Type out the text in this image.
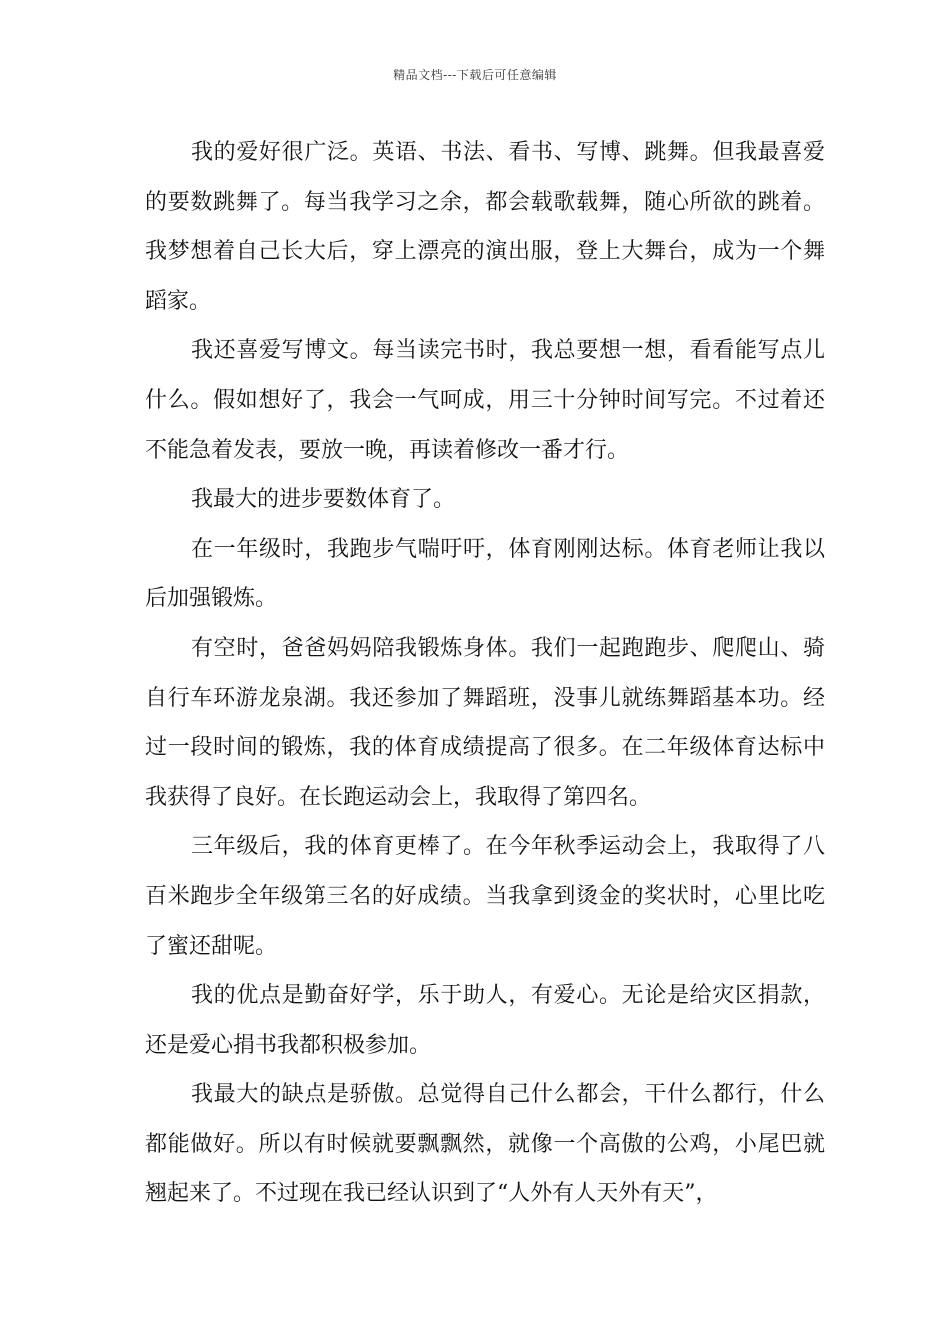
精品文档---下载后可任意编辑

我的爱好很广泛。英语、书法、看书、写博、跳舞。但我最喜爱的要数跳舞了。每当我学习之余，都会载歌载舞，随心所欲的跳着。我梦想着自己长大后，穿上漂亮的演出服，登上大舞台，成为一个舞蹈家。

我还喜爱写博文。每当读完书时，我总要想一想，看看能写点儿什么。假如想好了，我会一气呵成，用三十分钟时间写完。不过着还不能急着发表，要放一晚，再读着修改一番才行。

我最大的进步要数体育了。

在一年级时，我跑步气喘吁吁，体育刚刚达标。体育老师让我以后加强锻炼。

有空时，爸爸妈妈陪我锻炼身体。我们一起跑跑步、爬爬山、骑自行车环游龙泉湖。我还参加了舞蹈班，没事儿就练舞蹈基本功。经过一段时间的锻炼，我的体育成绩提高了很多。在二年级体育达标中我获得了良好。在长跑运动会上，我取得了第四名。

三年级后，我的体育更棒了。在今年秋季运动会上，我取得了八百米跑步全年级第三名的好成绩。当我拿到烫金的奖状时，心里比吃了蜜还甜呢。

我的优点是勤奋好学，乐于助人，有爱心。无论是给灾区捐款，还是爱心捐书我都积极参加。

我最大的缺点是骄傲。总觉得自己什么都会，干什么都行，什么都能做好。所以有时候就要飘飘然，就像一个高傲的公鸡，小尾巴就翘起来了。不过现在我已经认识到了“人外有人天外有天”，
